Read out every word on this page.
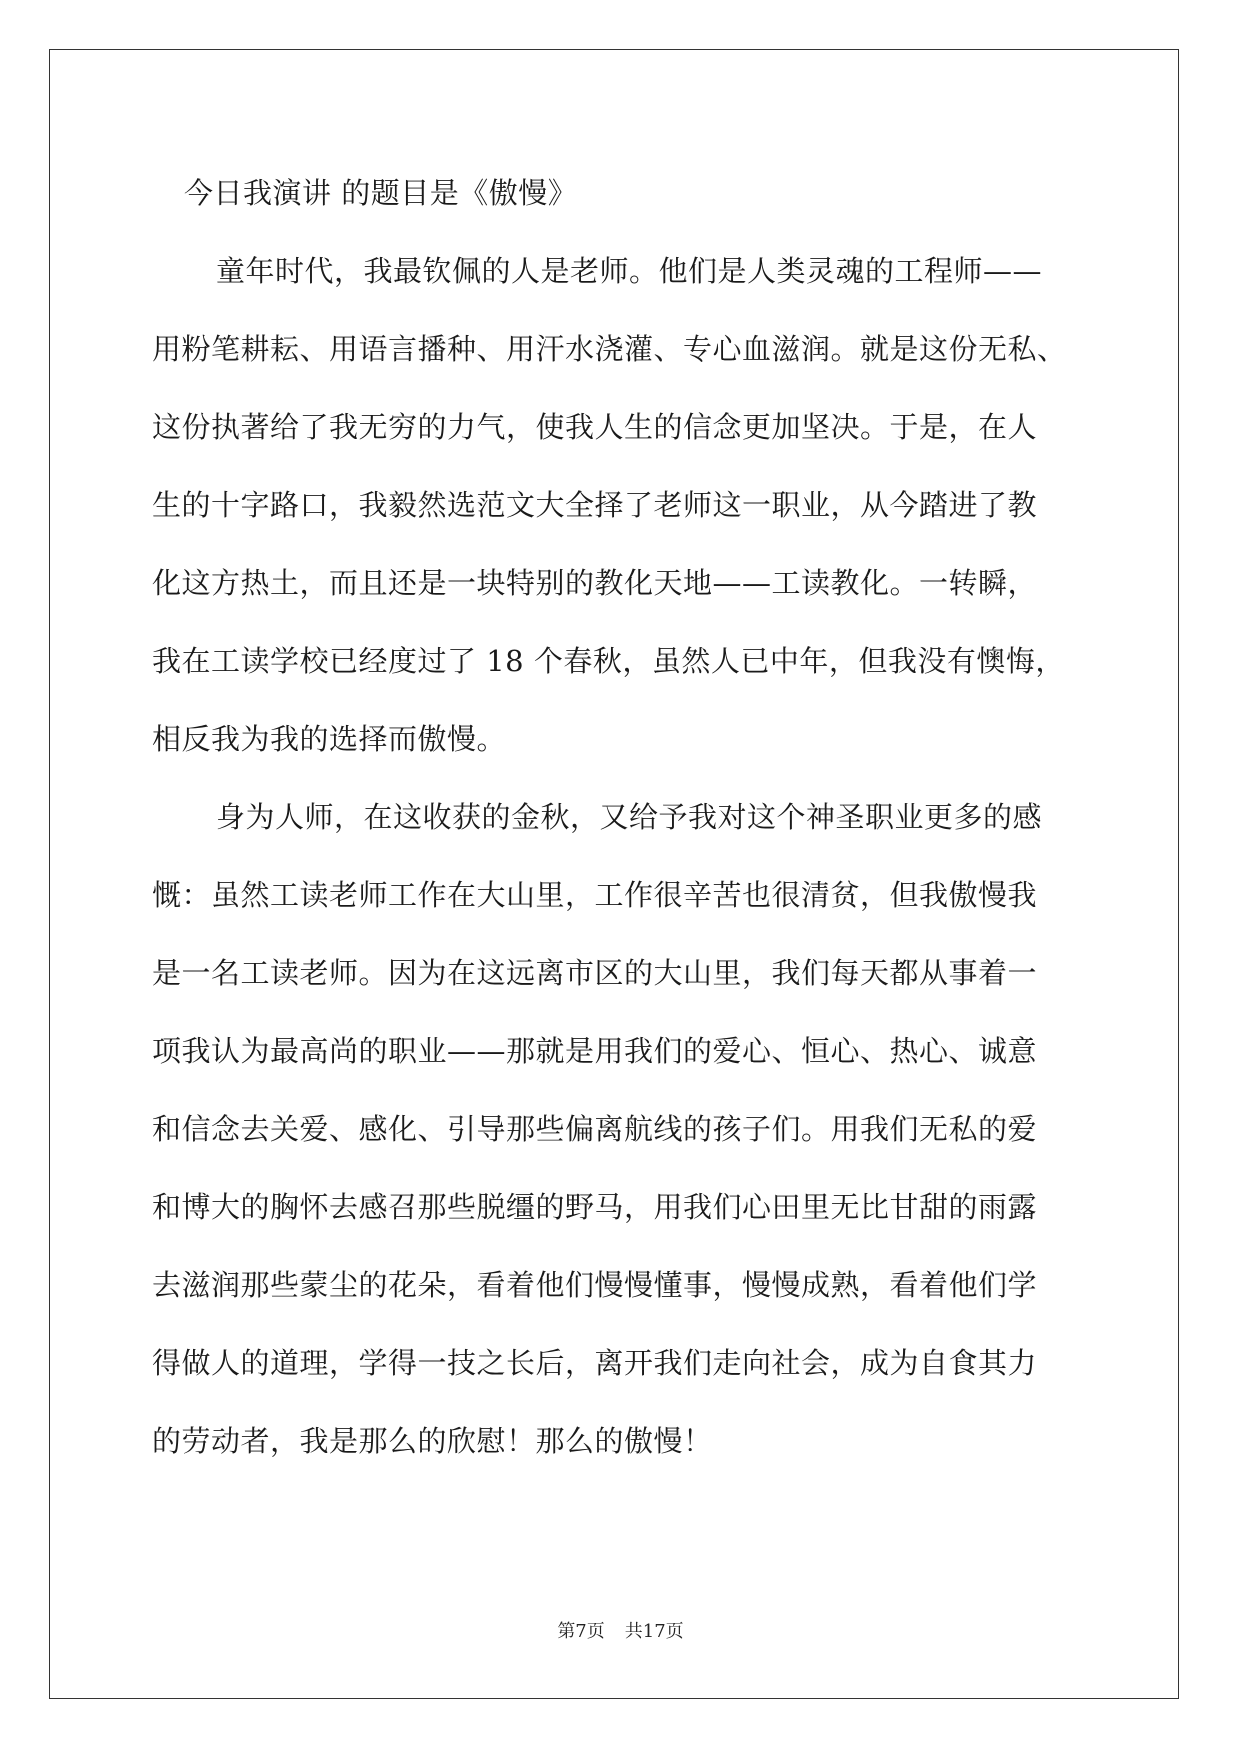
今日我演讲 的题目是《傲慢》
童年时代，我最钦佩的人是老师。他们是人类灵魂的工程师——
用粉笔耕耘、用语言播种、用汗水浇灌、专心血滋润。就是这份无私、
这份执著给了我无穷的力气，使我人生的信念更加坚决。于是，在人
生的十字路口，我毅然选范文大全择了老师这一职业，从今踏进了教
化这方热土，而且还是一块特别的教化天地——工读教化。一转瞬，
我在工读学校已经度过了 18 个春秋，虽然人已中年，但我没有懊悔，
相反我为我的选择而傲慢。
身为人师，在这收获的金秋，又给予我对这个神圣职业更多的感
慨：虽然工读老师工作在大山里，工作很辛苦也很清贫，但我傲慢我
是一名工读老师。因为在这远离市区的大山里，我们每天都从事着一
项我认为最高尚的职业——那就是用我们的爱心、恒心、热心、诚意
和信念去关爱、感化、引导那些偏离航线的孩子们。用我们无私的爱
和博大的胸怀去感召那些脱缰的野马，用我们心田里无比甘甜的雨露
去滋润那些蒙尘的花朵，看着他们慢慢懂事，慢慢成熟，看着他们学
得做人的道理，学得一技之长后，离开我们走向社会，成为自食其力
的劳动者，我是那么的欣慰！那么的傲慢！
第7页 共17页
